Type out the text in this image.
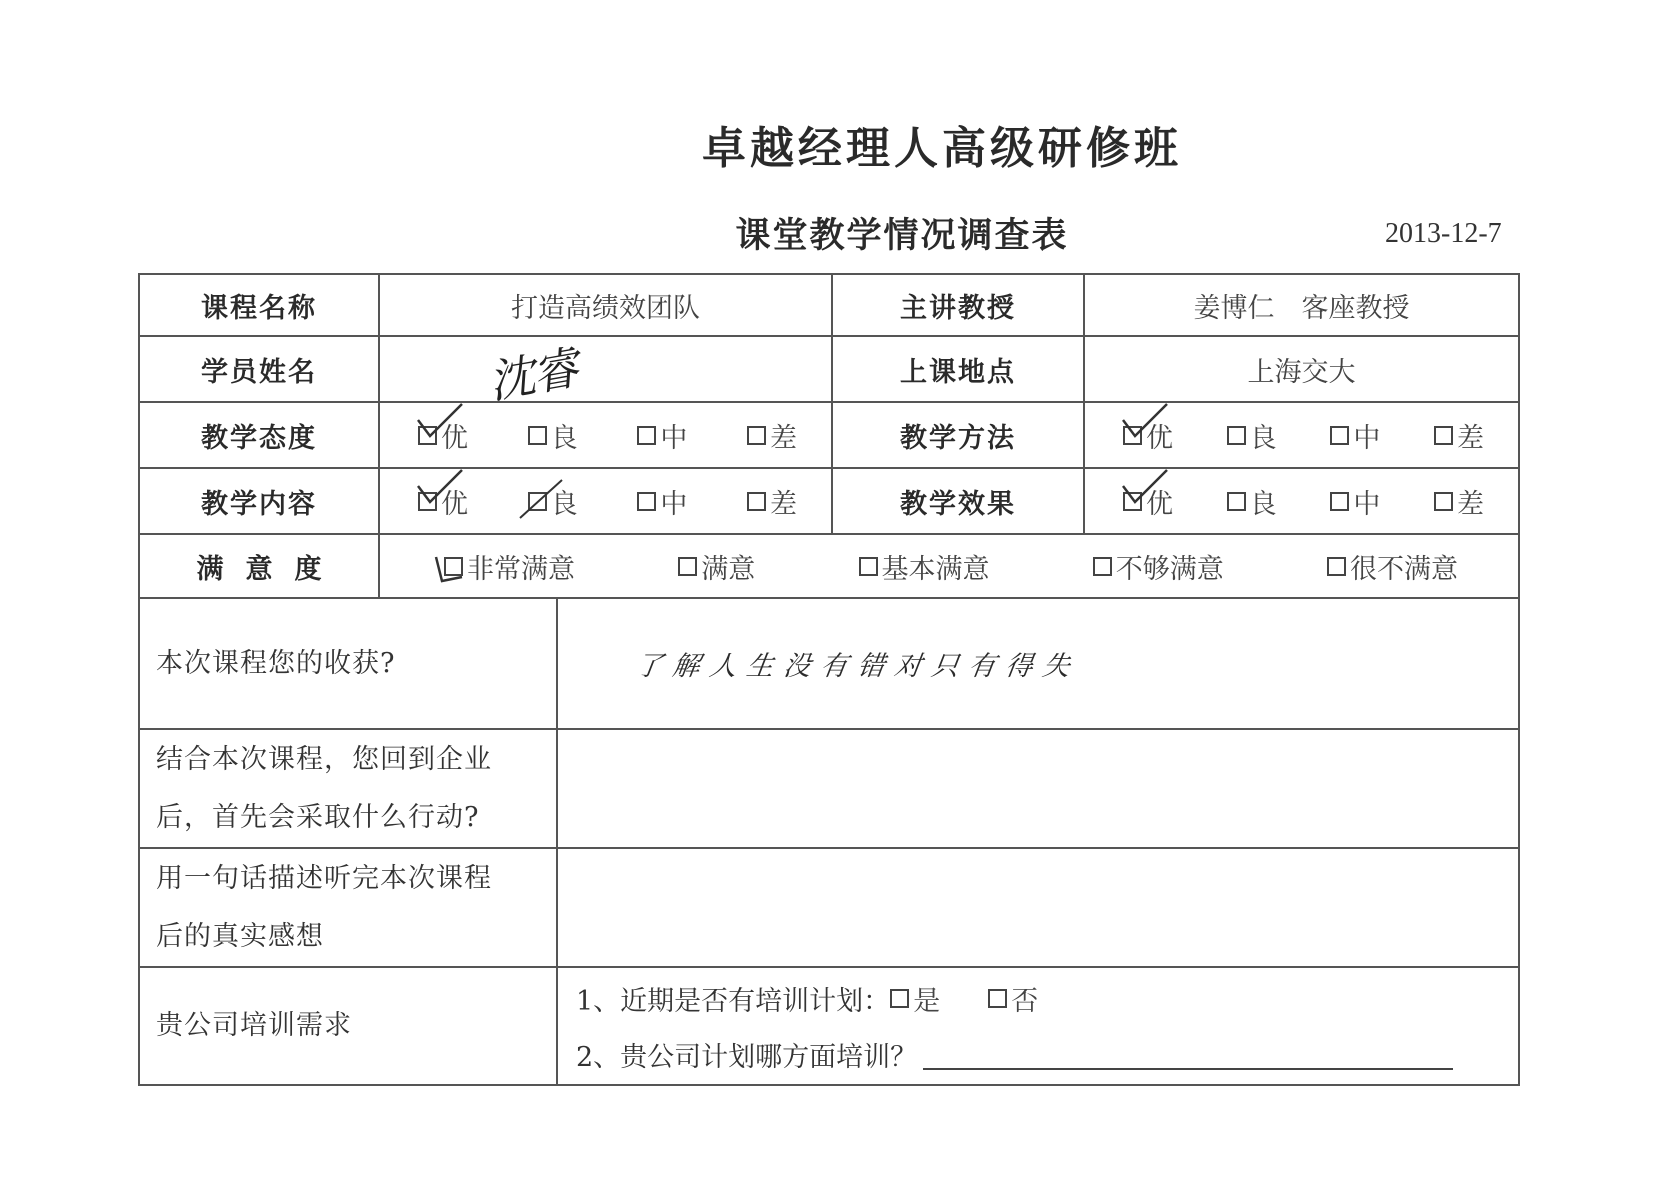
卓越经理人高级研修班
课堂教学情况调查表	2013-12-7
课程名称	打造高绩效团队	主讲教授	姜博仁　客座教授
学员姓名	沈睿	上课地点	上海交大
教学态度	优 良 中 差	教学方法	优 良 中 差

教学内容	优 良 中 差	教学效果	优 良 中 差

满意度	非常满意 满意 基本满意 不够满意 很不满意		
本次课程您的收获?	了解人生没有错对只有得失

结合本次课程，您回到企业
后，首先会采取什么行动?	

用一句话描述听完本次课程
后的真实感想	

贵公司培训需求	1、近期是否有培训计划： 是 否
2、贵公司计划哪方面培训？
